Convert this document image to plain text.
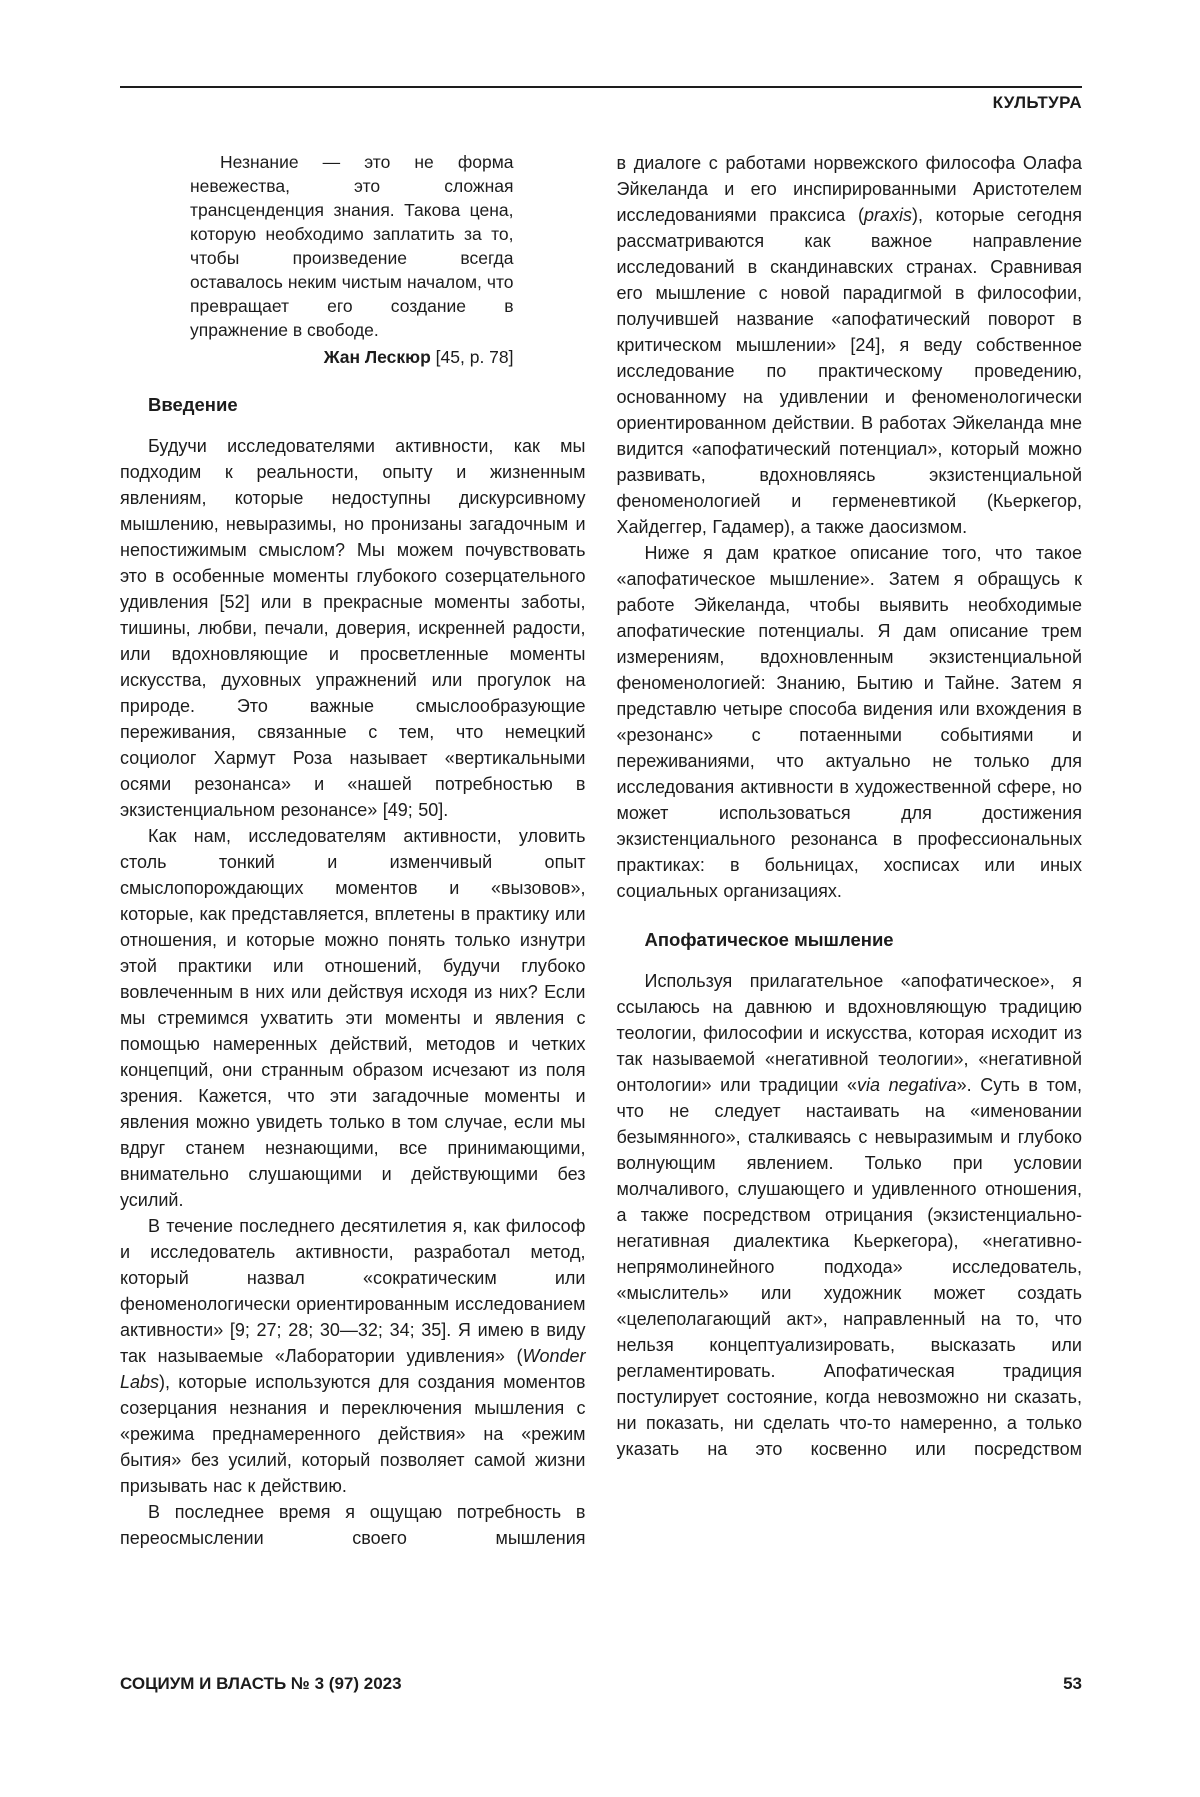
КУЛЬТУРА

Незнание — это не форма невежества, это сложная трансценденция знания. Такова цена, которую необходимо заплатить за то, чтобы произведение всегда оставалось неким чистым началом, что превращает его создание в упражнение в свободе.

Жан Лескюр [45, p. 78]

Введение

Будучи исследователями активности, как мы подходим к реальности, опыту и жизненным явлениям, которые недоступны дискурсивному мышлению, невыразимы, но пронизаны загадочным и непостижимым смыслом? Мы можем почувствовать это в особенные моменты глубокого созерцательного удивления [52] или в прекрасные моменты заботы, тишины, любви, печали, доверия, искренней радости, или вдохновляющие и просветленные моменты искусства, духовных упражнений или прогулок на природе. Это важные смыслообразующие переживания, связанные с тем, что немецкий социолог Хармут Роза называет «вертикальными осями резонанса» и «нашей потребностью в экзистенциальном резонансе» [49; 50].

Как нам, исследователям активности, уловить столь тонкий и изменчивый опыт смыслопорождающих моментов и «вызовов», которые, как представляется, вплетены в практику или отношения, и которые можно понять только изнутри этой практики или отношений, будучи глубоко вовлеченным в них или действуя исходя из них? Если мы стремимся ухватить эти моменты и явления с помощью намеренных действий, методов и четких концепций, они странным образом исчезают из поля зрения. Кажется, что эти загадочные моменты и явления можно увидеть только в том случае, если мы вдруг станем незнающими, все принимающими, внимательно слушающими и действующими без усилий.

В течение последнего десятилетия я, как философ и исследователь активности, разработал метод, который назвал «сократическим или феноменологически ориентированным исследованием активности» [9; 27; 28; 30—32; 34; 35]. Я имею в виду так называемые «Лаборатории удивления» (Wonder Labs), которые используются для создания моментов созерцания незнания и переключения мышления с «режима преднамеренного действия» на «режим бытия» без усилий, который позволяет самой жизни призывать нас к действию.

В последнее время я ощущаю потребность в переосмыслении своего мышления

в диалоге с работами норвежского философа Олафа Эйкеланда и его инспирированными Аристотелем исследованиями праксиса (praxis), которые сегодня рассматриваются как важное направление исследований в скандинавских странах. Сравнивая его мышление с новой парадигмой в философии, получившей название «апофатический поворот в критическом мышлении» [24], я веду собственное исследование по практическому проведению, основанному на удивлении и феноменологически ориентированном действии. В работах Эйкеланда мне видится «апофатический потенциал», который можно развивать, вдохновляясь экзистенциальной феноменологией и герменевтикой (Кьеркегор, Хайдеггер, Гадамер), а также даосизмом.

Ниже я дам краткое описание того, что такое «апофатическое мышление». Затем я обращусь к работе Эйкеланда, чтобы выявить необходимые апофатические потенциалы. Я дам описание трем измерениям, вдохновленным экзистенциальной феноменологией: Знанию, Бытию и Тайне. Затем я представлю четыре способа видения или вхождения в «резонанс» с потаенными событиями и переживаниями, что актуально не только для исследования активности в художественной сфере, но может использоваться для достижения экзистенциального резонанса в профессиональных практиках: в больницах, хосписах или иных социальных организациях.

Апофатическое мышление

Используя прилагательное «апофатическое», я ссылаюсь на давнюю и вдохновляющую традицию теологии, философии и искусства, которая исходит из так называемой «негативной теологии», «негативной онтологии» или традиции «via negativa». Суть в том, что не следует настаивать на «именовании безымянного», сталкиваясь с невыразимым и глубоко волнующим явлением. Только при условии молчаливого, слушающего и удивленного отношения, а также посредством отрицания (экзистенциально-негативная диалектика Кьеркегора), «негативно-непрямолинейного подхода» исследователь, «мыслитель» или художник может создать «целеполагающий акт», направленный на то, что нельзя концептуализировать, высказать или регламентировать. Апофатическая традиция постулирует состояние, когда невозможно ни сказать, ни показать, ни сделать что-то намеренно, а только указать на это косвенно или посредством

СОЦИУМ И ВЛАСТЬ № 3 (97) 2023	53
